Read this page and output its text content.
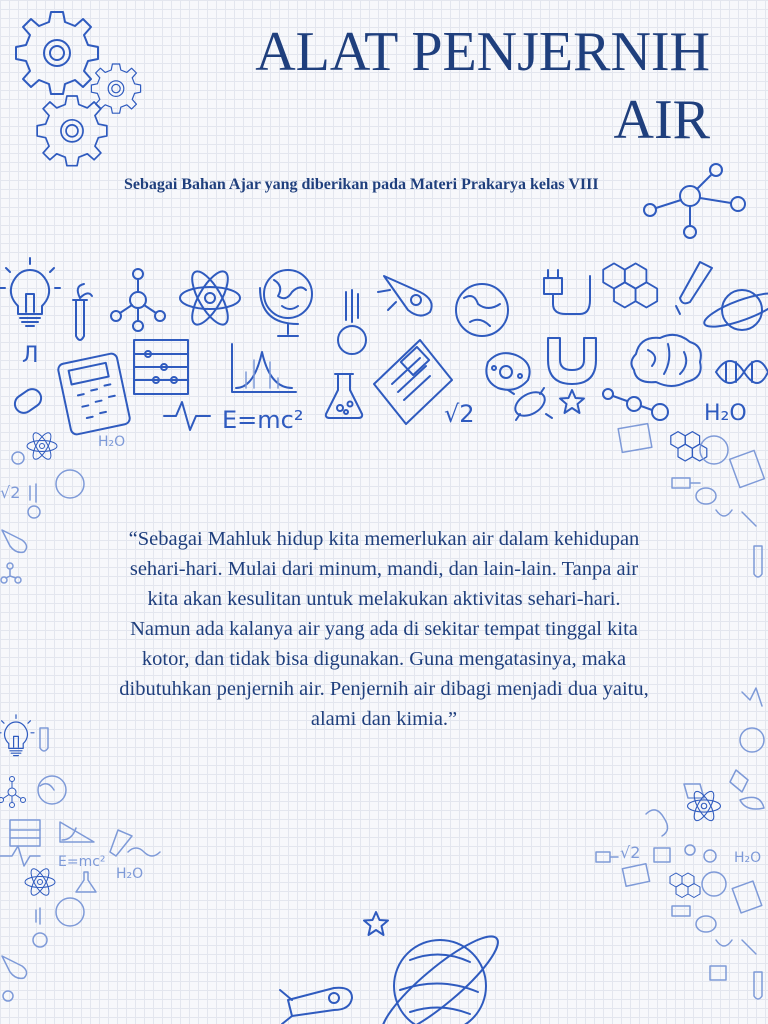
Л
E=mc²	√2	H₂O
√2	H₂O
H₂O
√2
E=mc²
H₂O
ALAT PENJERNIH
AIR

Sebagai Bahan Ajar yang diberikan pada Materi Prakarya kelas VIII

“Sebagai Mahluk hidup kita memerlukan air dalam kehidupan sehari-hari. Mulai dari minum, mandi, dan lain-lain. Tanpa air kita akan kesulitan untuk melakukan aktivitas sehari-hari. Namun ada kalanya air yang ada di sekitar tempat tinggal kita kotor, dan tidak bisa digunakan. Guna mengatasinya, maka dibutuhkan penjernih air. Penjernih air dibagi menjadi dua yaitu, alami dan kimia.”
